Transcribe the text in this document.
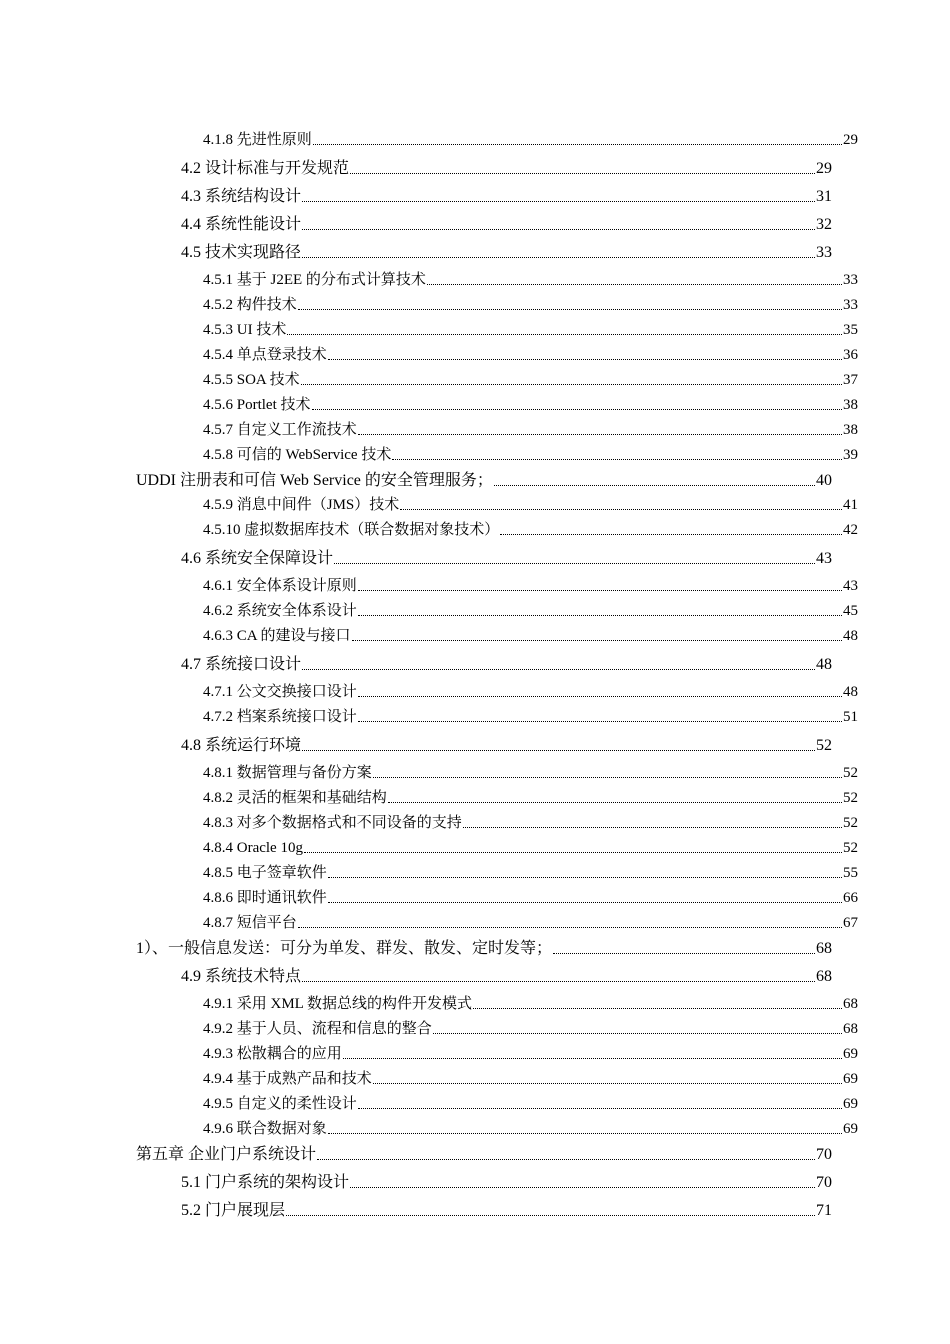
4.1.8 先进性原则	29
4.2 设计标准与开发规范	29
4.3 系统结构设计	31
4.4 系统性能设计	32
4.5 技术实现路径	33
4.5.1 基于 J2EE 的分布式计算技术	33
4.5.2 构件技术	33
4.5.3 UI 技术	35
4.5.4 单点登录技术	36
4.5.5 SOA 技术	37
4.5.6 Portlet 技术	38
4.5.7 自定义工作流技术	38
4.5.8 可信的 WebService 技术	39
UDDI 注册表和可信 Web Service 的安全管理服务；	40
4.5.9 消息中间件（JMS）技术	41
4.5.10 虚拟数据库技术（联合数据对象技术）	42
4.6 系统安全保障设计	43
4.6.1 安全体系设计原则	43
4.6.2 系统安全体系设计	45
4.6.3 CA 的建设与接口	48
4.7 系统接口设计	48
4.7.1 公文交换接口设计	48
4.7.2 档案系统接口设计	51
4.8 系统运行环境	52
4.8.1 数据管理与备份方案	52
4.8.2 灵活的框架和基础结构	52
4.8.3 对多个数据格式和不同设备的支持	52
4.8.4 Oracle 10g	52
4.8.5 电子签章软件	55
4.8.6 即时通讯软件	66
4.8.7 短信平台	67
1）、一般信息发送：可分为单发、群发、散发、定时发等；	68
4.9 系统技术特点	68
4.9.1 采用 XML 数据总线的构件开发模式	68
4.9.2 基于人员、流程和信息的整合	68
4.9.3 松散耦合的应用	69
4.9.4 基于成熟产品和技术	69
4.9.5 自定义的柔性设计	69
4.9.6 联合数据对象	69
第五章 企业门户系统设计	70
5.1 门户系统的架构设计	70
5.2 门户展现层	71
